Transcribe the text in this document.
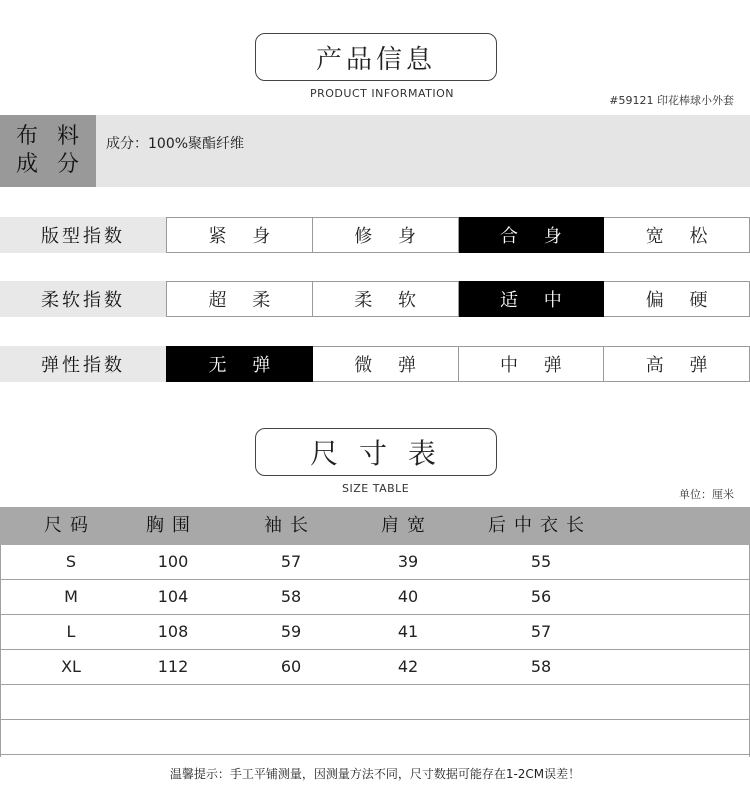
产品信息
PRODUCT INFORMATION
#59121 印花棒球小外套
布 料
成 分
成分：100%聚酯纤维
版型指数	紧 身	修 身	合 身	宽 松
柔软指数	超 柔	柔 软	适 中	偏 硬
弹性指数	无 弹	微 弹	中 弹	高 弹
尺 寸 表
SIZE TABLE	单位：厘米
尺码	胸围	袖长	肩宽	后中衣长
S	100	57	39	55
M	104	58	40	56
L	108	59	41	57
XL	112	60	42	58
温馨提示：手工平铺测量，因测量方法不同，尺寸数据可能存在1-2CM误差！
